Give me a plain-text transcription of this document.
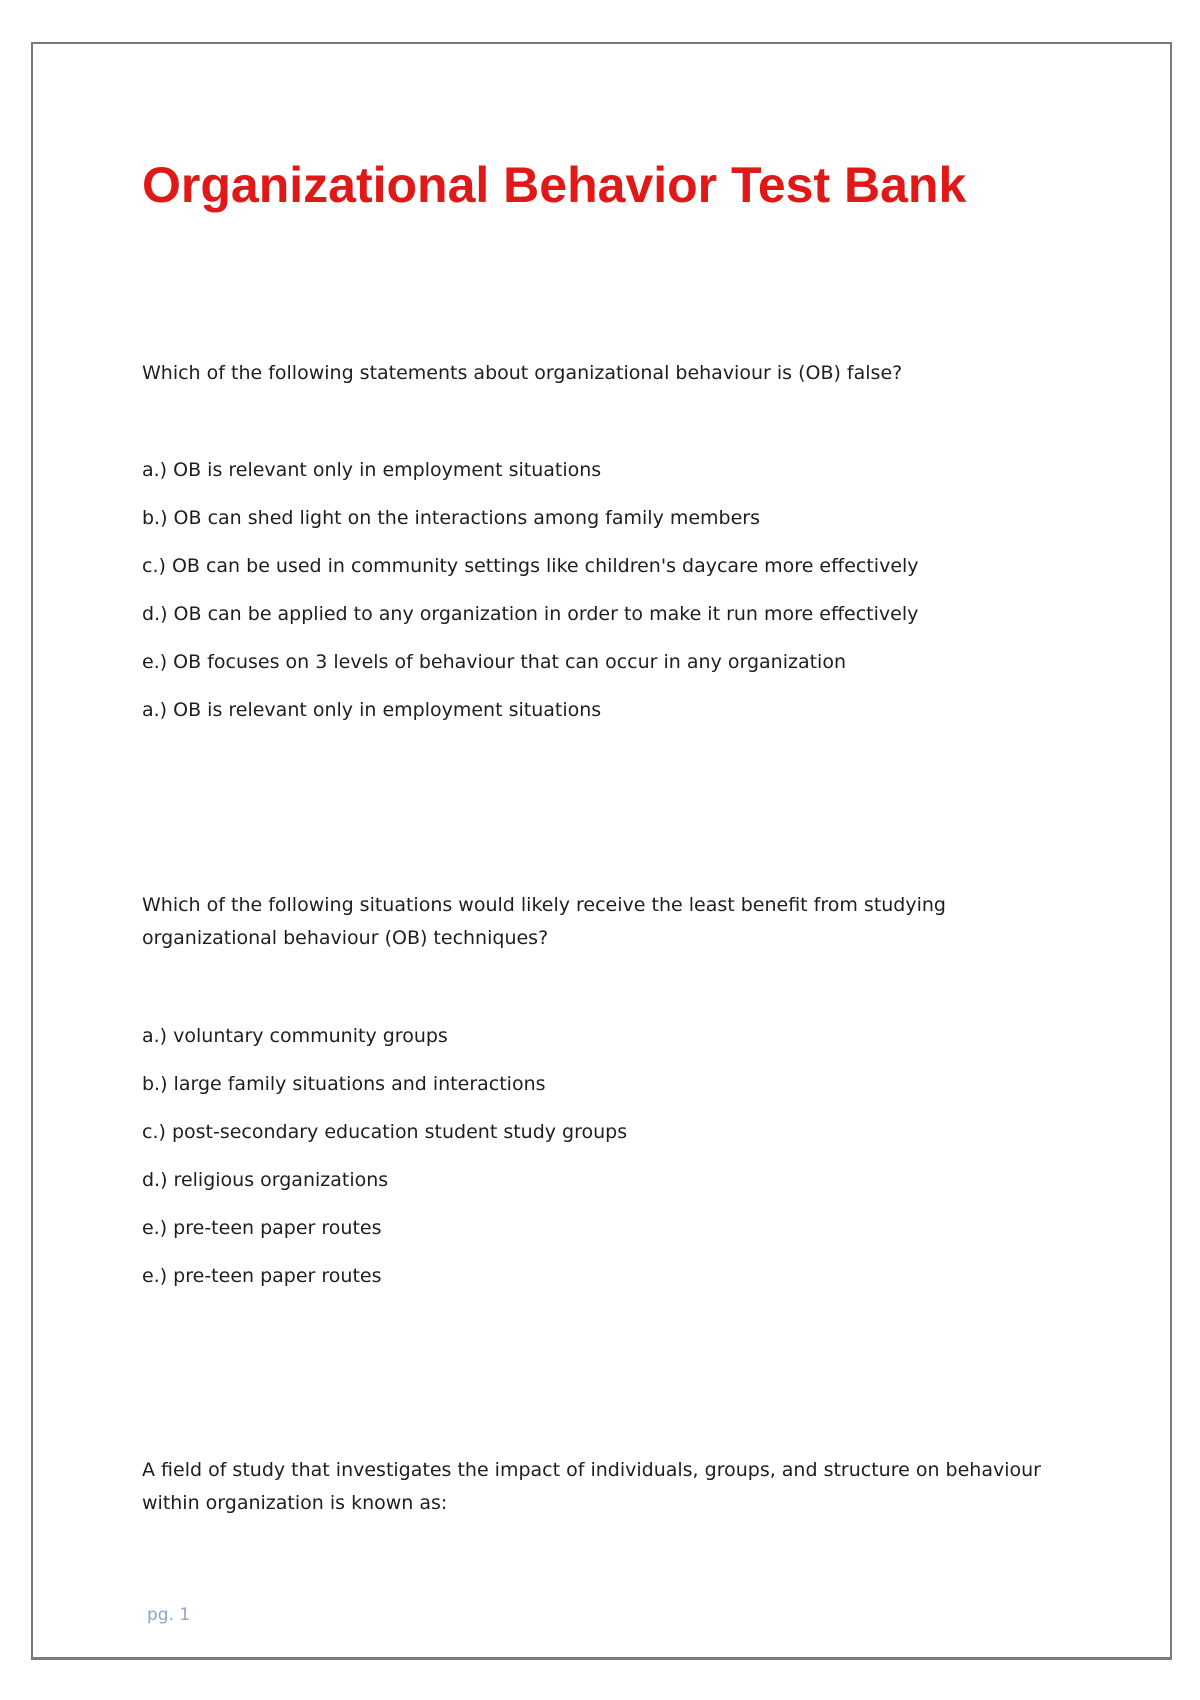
Organizational Behavior Test Bank

Which of the following statements about organizational behaviour is (OB) false?

a.) OB is relevant only in employment situations
b.) OB can shed light on the interactions among family members
c.) OB can be used in community settings like children's daycare more effectively
d.) OB can be applied to any organization in order to make it run more effectively
e.) OB focuses on 3 levels of behaviour that can occur in any organization
a.) OB is relevant only in employment situations

Which of the following situations would likely receive the least benefit from studying organizational behaviour (OB) techniques?

a.) voluntary community groups
b.) large family situations and interactions
c.) post-secondary education student study groups
d.) religious organizations
e.) pre-teen paper routes
e.) pre-teen paper routes

A field of study that investigates the impact of individuals, groups, and structure on behaviour within organization is known as:

pg. 1
